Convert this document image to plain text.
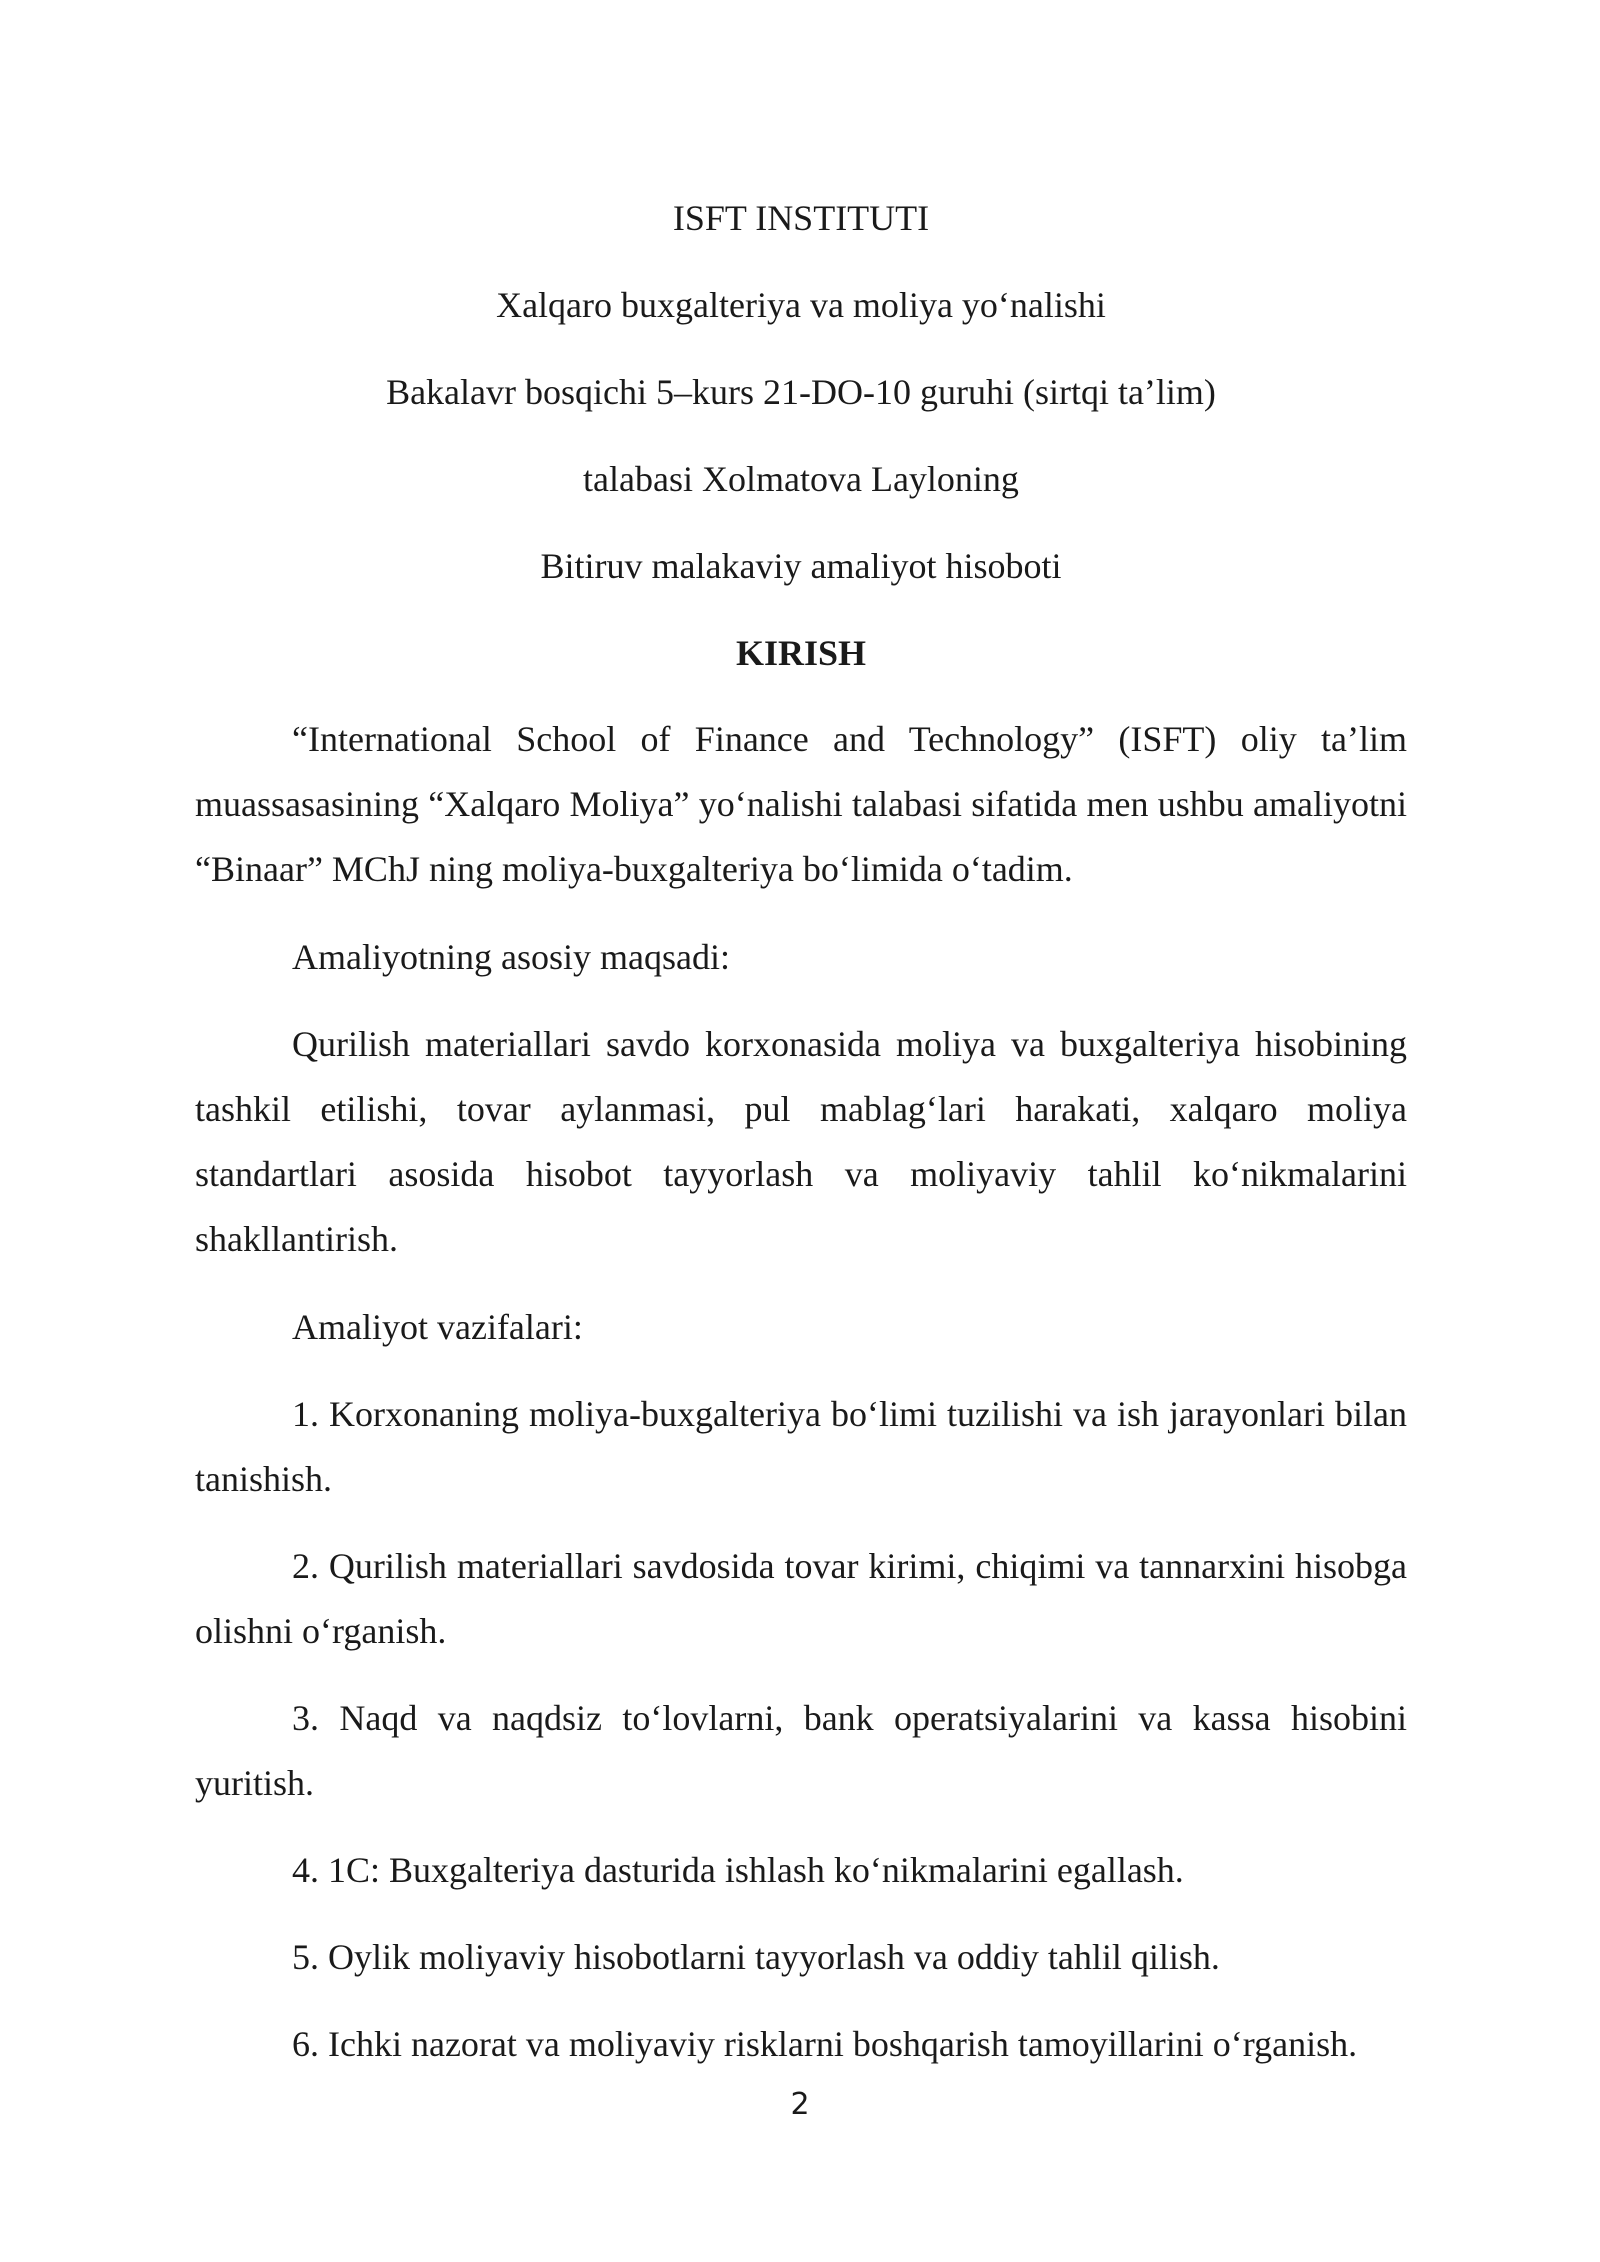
ISFT INSTITUTI
Xalqaro buxgalteriya va moliya yo‘nalishi
Bakalavr bosqichi 5–kurs 21-DO-10 guruhi (sirtqi ta’lim)
talabasi Xolmatova Layloning
Bitiruv malakaviy amaliyot hisoboti
KIRISH

“International School of Finance and Technology” (ISFT) oliy ta’lim muassasasining “Xalqaro Moliya” yo‘nalishi talabasi sifatida men ushbu amaliyotni “Binaar” MChJ ning moliya-buxgalteriya bo‘limida o‘tadim.

Amaliyotning asosiy maqsadi:

Qurilish materiallari savdo korxonasida moliya va buxgalteriya hisobining tashkil etilishi, tovar aylanmasi, pul mablag‘lari harakati, xalqaro moliya standartlari asosida hisobot tayyorlash va moliyaviy tahlil ko‘nikmalarini shakllantirish.

Amaliyot vazifalari:

1. Korxonaning moliya-buxgalteriya bo‘limi tuzilishi va ish jarayonlari bilan tanishish.

2. Qurilish materiallari savdosida tovar kirimi, chiqimi va tannarxini hisobga olishni o‘rganish.

3. Naqd va naqdsiz to‘lovlarni, bank operatsiyalarini va kassa hisobini yuritish.

4. 1C: Buxgalteriya dasturida ishlash ko‘nikmalarini egallash.

5. Oylik moliyaviy hisobotlarni tayyorlash va oddiy tahlil qilish.

6. Ichki nazorat va moliyaviy risklarni boshqarish tamoyillarini o‘rganish.

2
